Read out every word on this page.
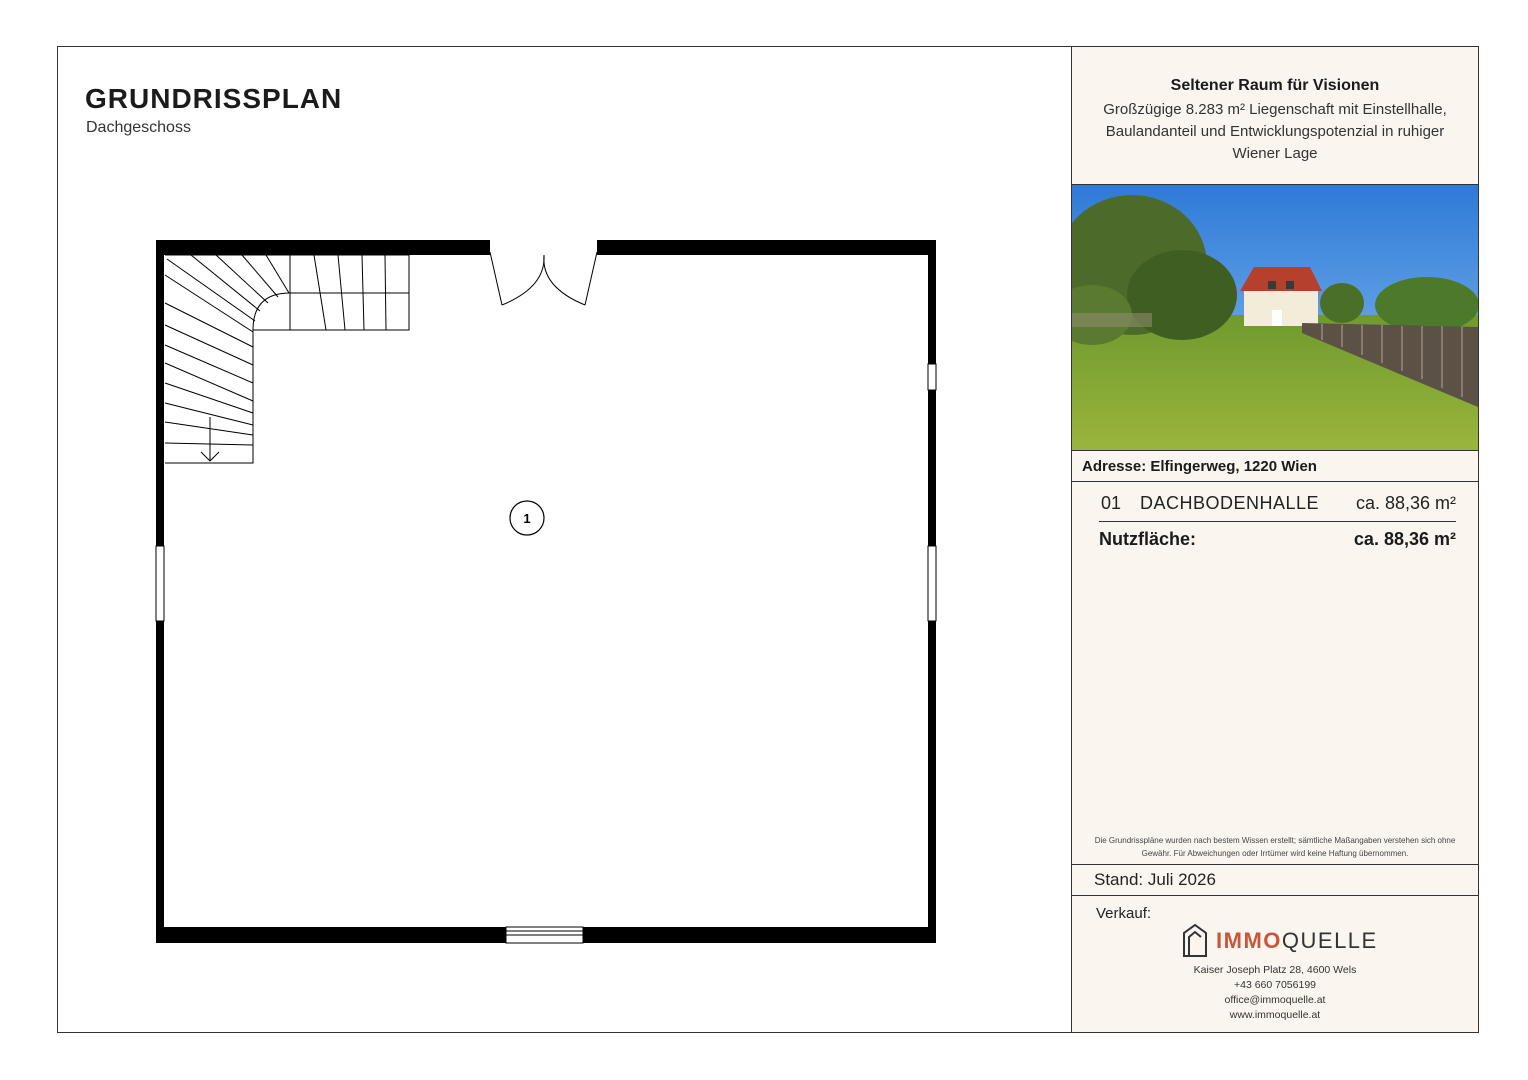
GRUNDRISSPLAN
Dachgeschoss
1
Seltener Raum für Visionen
Großzügige 8.283 m² Liegenschaft mit Einstellhalle, Baulandanteil und Entwicklungspotenzial in ruhiger Wiener Lage
Adresse: Elfingerweg, 1220 Wien
01 DACHBODENHALLE ca. 88,36 m²
Nutzfläche:	ca. 88,36 m²
Die Grundrisspläne wurden nach bestem Wissen erstellt; sämtliche Maßangaben verstehen sich ohne Gewähr. Für Abweichungen oder Irrtümer wird keine Haftung übernommen.
Stand: Juli 2026
Verkauf:
IMMOQUELLE
Kaiser Joseph Platz 28, 4600 Wels
+43 660 7056199
office@immoquelle.at
www.immoquelle.at
